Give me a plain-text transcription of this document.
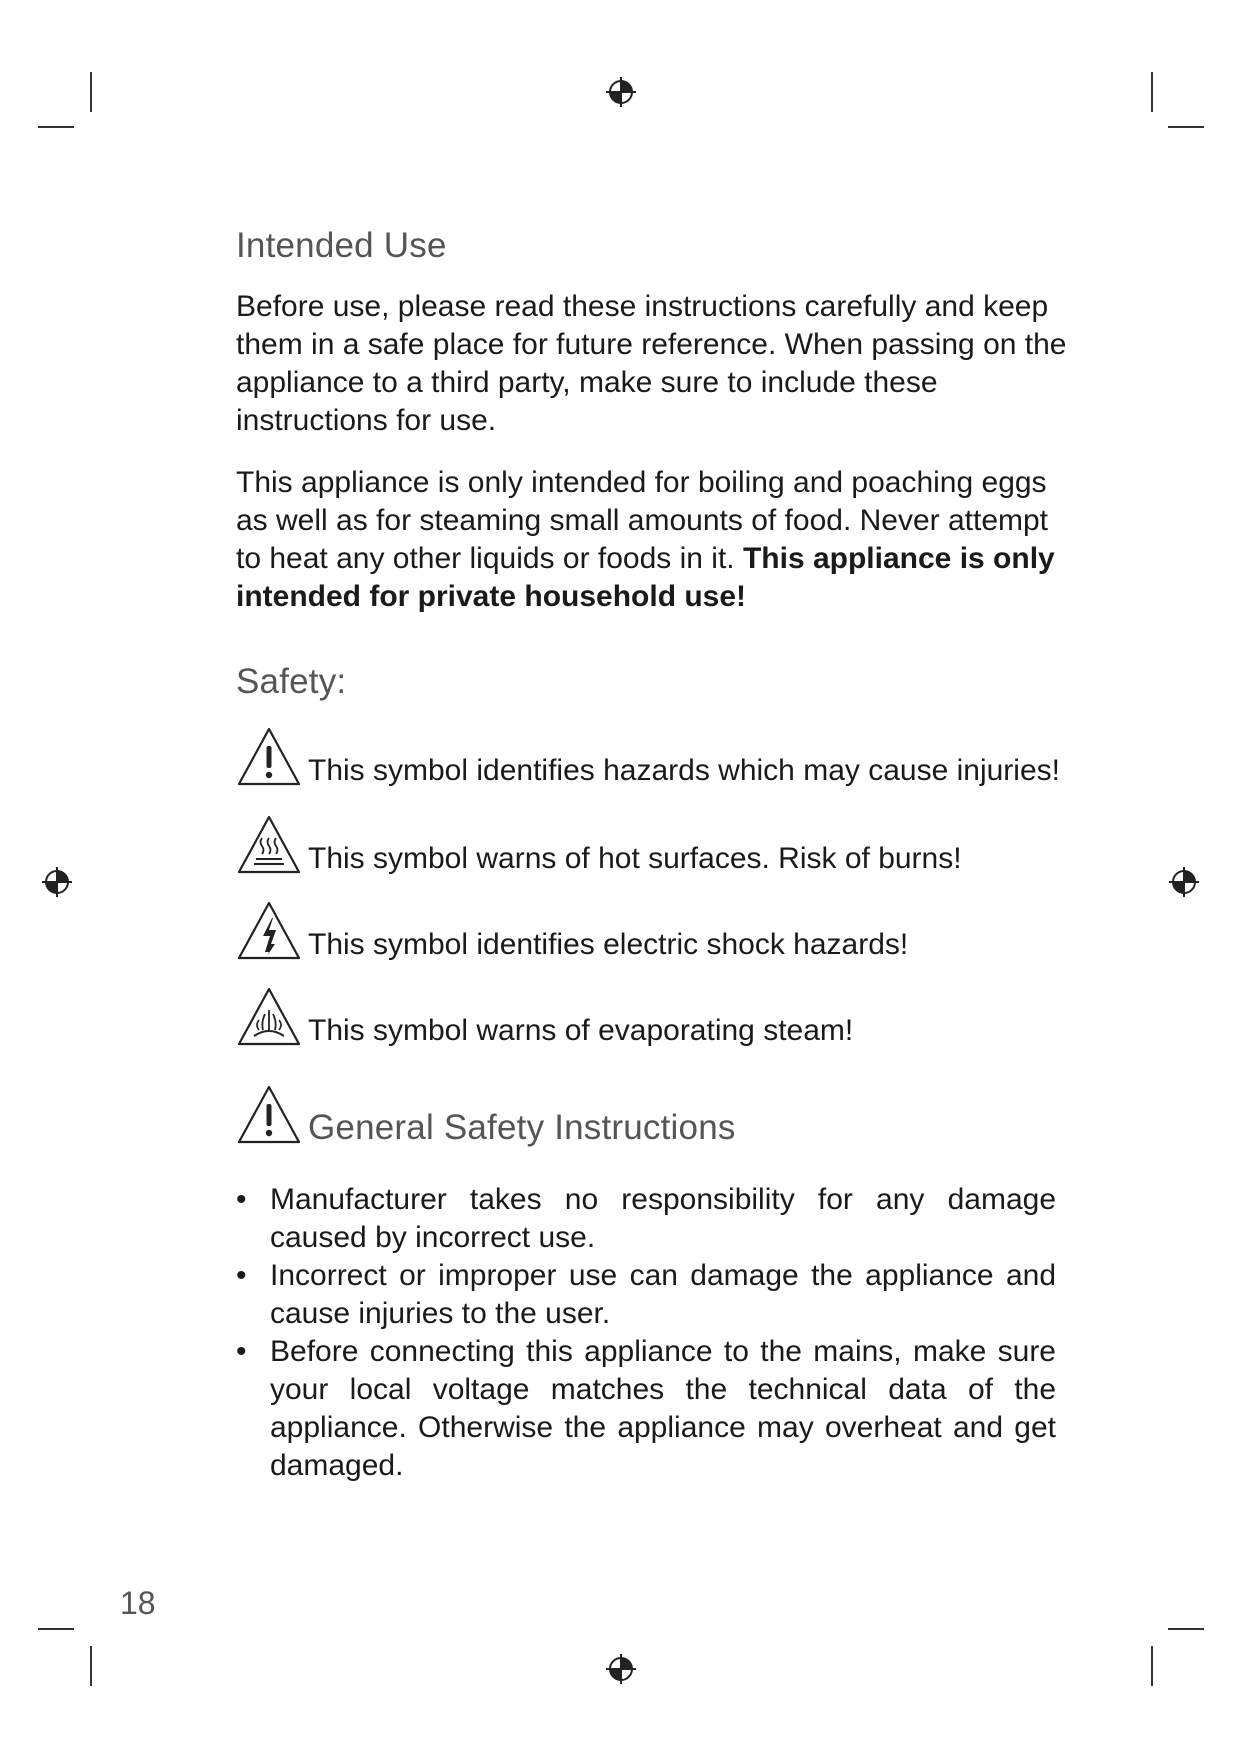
Intended Use

Before use, please read these instructions carefully and keep them in a safe place for future reference. When passing on the appliance to a third party, make sure to include these instructions for use.

This appliance is only intended for boiling and poaching eggs as well as for steaming small amounts of food. Never attempt to heat any other liquids or foods in it. This appliance is only intended for private household use!

Safety:
This symbol identifies hazards which may cause injuries!
This symbol warns of hot surfaces. Risk of burns!
This symbol identifies electric shock hazards!
This symbol warns of evaporating steam!
General Safety Instructions
• Manufacturer takes no responsibility for any damage caused by incorrect use.
• Incorrect or improper use can damage the appliance and cause injuries to the user.
• Before connecting this appliance to the mains, make sure your local voltage matches the technical data of the appliance. Otherwise the appliance may overheat and get damaged.
18
